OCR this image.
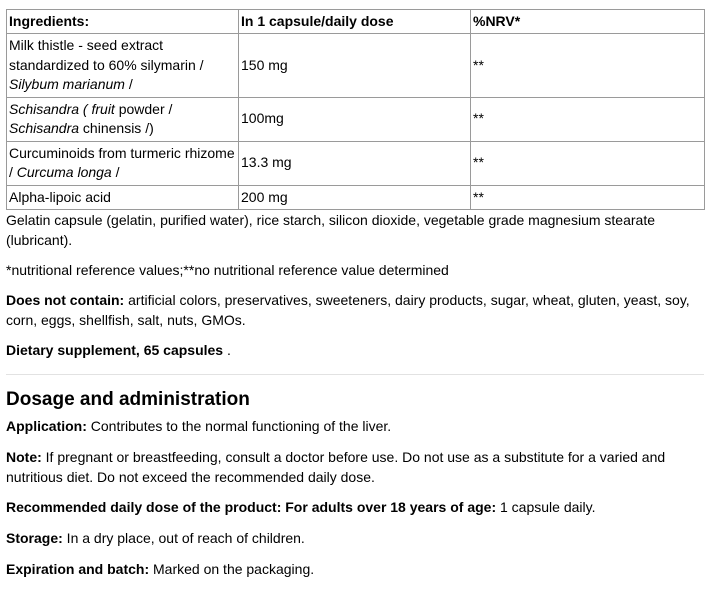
Ingredients:	In 1 capsule/daily dose	%NRV*
Milk thistle - seed extract standardized to 60% silymarin / Silybum marianum /	150 mg	**
Schisandra ( fruit powder / Schisandra chinensis /)	100mg	**
Curcuminoids from turmeric rhizome / Curcuma longa /	13.3 mg	**
Alpha-lipoic acid	200 mg	**

Gelatin capsule (gelatin, purified water), rice starch, silicon dioxide, vegetable grade magnesium stearate (lubricant).

*nutritional reference values;**no nutritional reference value determined

Does not contain: artificial colors, preservatives, sweeteners, dairy products, sugar, wheat, gluten, yeast, soy, corn, eggs, shellfish, salt, nuts, GMOs.

Dietary supplement, 65 capsules .

Dosage and administration

Application: Contributes to the normal functioning of the liver.

Note: If pregnant or breastfeeding, consult a doctor before use. Do not use as a substitute for a varied and nutritious diet. Do not exceed the recommended daily dose.

Recommended daily dose of the product: For adults over 18 years of age: 1 capsule daily.

Storage: In a dry place, out of reach of children.

Expiration and batch: Marked on the packaging.
